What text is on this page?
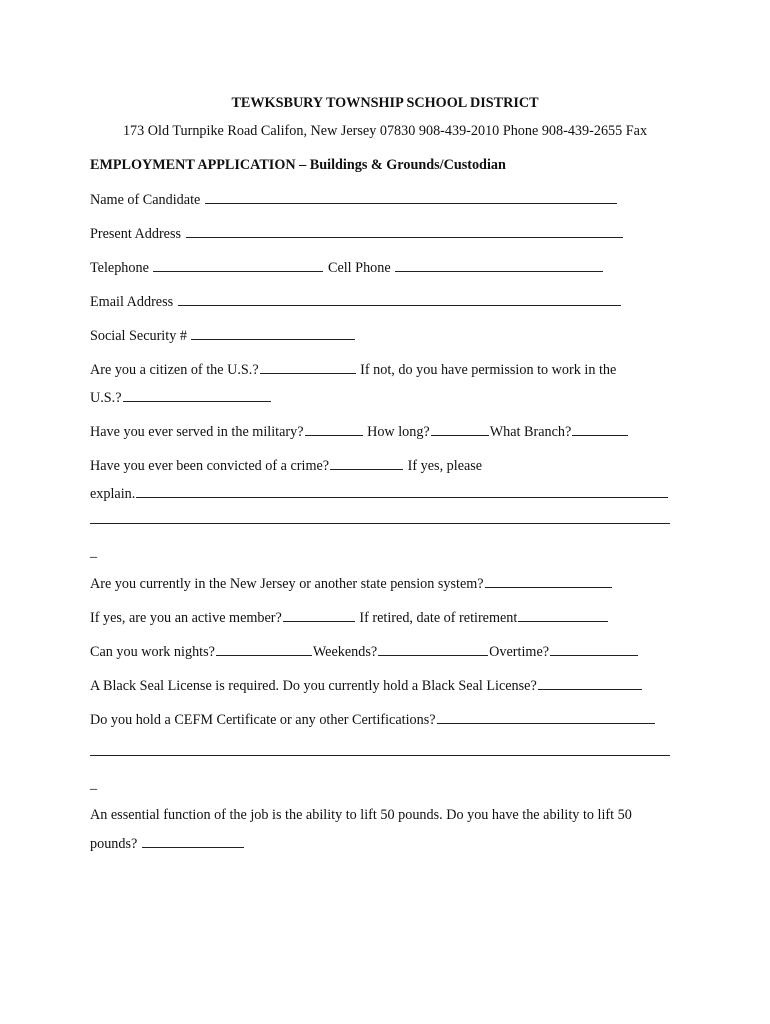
TEWKSBURY TOWNSHIP SCHOOL DISTRICT
173 Old Turnpike Road Califon, New Jersey 07830 908-439-2010 Phone 908-439-2655 Fax
EMPLOYMENT APPLICATION – Buildings & Grounds/Custodian
Name of Candidate
Present Address
Telephone	Cell Phone
Email Address
Social Security #
Are you a citizen of the U.S.?	If not, do you have permission to work in the
U.S.?
Have you ever served in the military?	How long?	What Branch?
Have you ever been convicted of a crime?	If yes, please
explain.
_
Are you currently in the New Jersey or another state pension system?
If yes, are you an active member?	If retired, date of retirement
Can you work nights?	Weekends?	Overtime?
A Black Seal License is required. Do you currently hold a Black Seal License?
Do you hold a CEFM Certificate or any other Certifications?
_
An essential function of the job is the ability to lift 50 pounds. Do you have the ability to lift 50
pounds?
